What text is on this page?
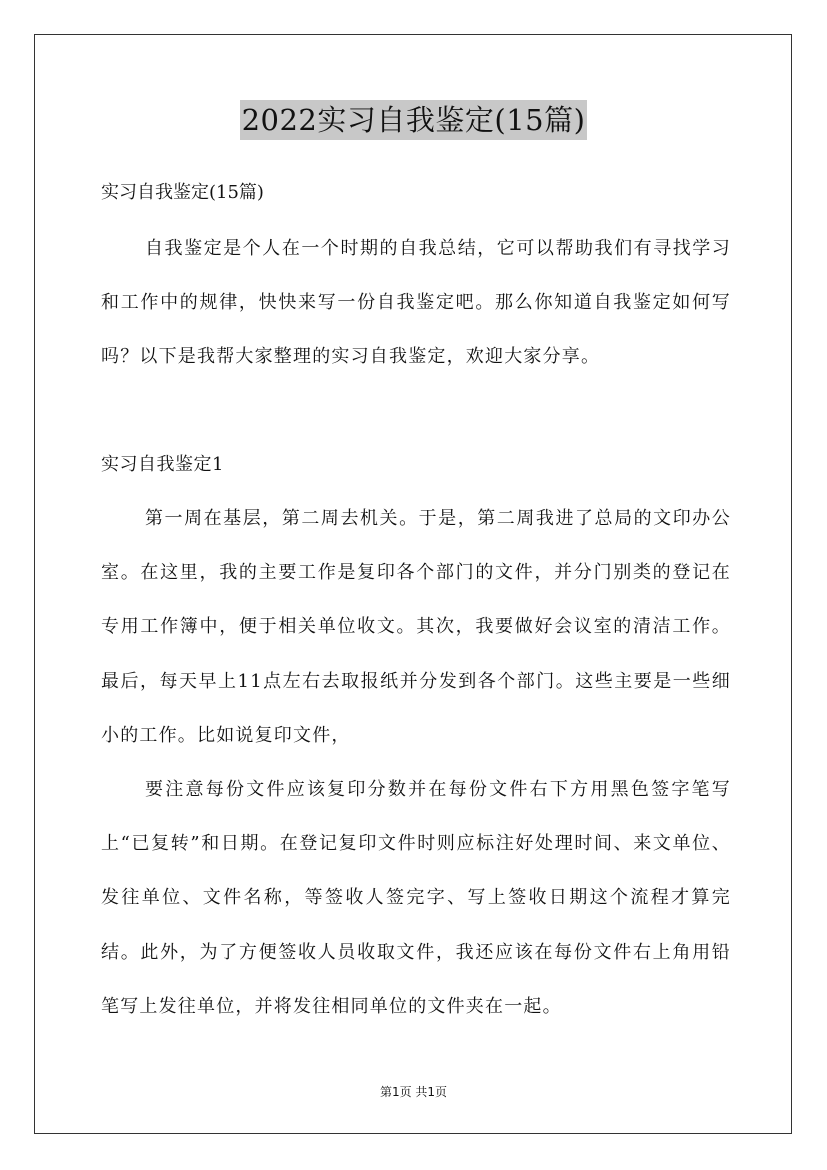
2022实习自我鉴定(15篇)

实习自我鉴定(15篇)

自我鉴定是个人在一个时期的自我总结，它可以帮助我们有寻找学习和工作中的规律，快快来写一份自我鉴定吧。那么你知道自我鉴定如何写吗？以下是我帮大家整理的实习自我鉴定，欢迎大家分享。

实习自我鉴定1

第一周在基层，第二周去机关。于是，第二周我进了总局的文印办公室。在这里，我的主要工作是复印各个部门的文件，并分门别类的登记在专用工作簿中，便于相关单位收文。其次，我要做好会议室的清洁工作。最后，每天早上11点左右去取报纸并分发到各个部门。这些主要是一些细小的工作。比如说复印文件，

要注意每份文件应该复印分数并在每份文件右下方用黑色签字笔写上“已复转”和日期。在登记复印文件时则应标注好处理时间、来文单位、发往单位、文件名称，等签收人签完字、写上签收日期这个流程才算完结。此外，为了方便签收人员收取文件，我还应该在每份文件右上角用铅笔写上发往单位，并将发往相同单位的文件夹在一起。

第1页 共1页
